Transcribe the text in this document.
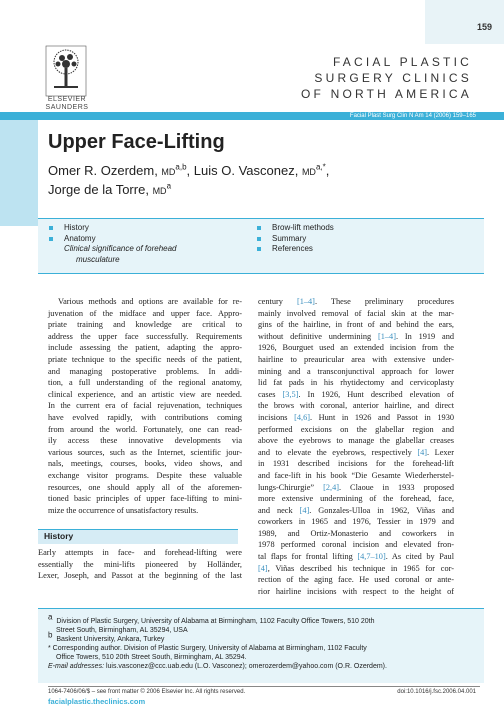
159
ELSEVIER
SAUNDERS
FACIAL PLASTIC
SURGERY CLINICS
OF NORTH AMERICA
Facial Plast Surg Clin N Am 14 (2006) 159–165
Upper Face-Lifting
Omer R. Ozerdem, MD$^{a,b}$, Luis O. Vasconez, $MD^{a,*}$,
Jorge de la Torre, $MD^a$
History
Anatomy
Clinical significance of forehead
musculature
Brow-lift methods
Summary
References
Various methods and options are available for re-
juvenation of the midface and upper face. Appro-
priate training and knowledge are critical to
address the upper face successfully. Requirements
include assessing the patient, adapting the appro-
priate technique to the specific needs of the patient,
and managing postoperative problems. In addi-
tion, a full understanding of the regional anatomy,
clinical experience, and an artistic view are needed.
In the current era of facial rejuvenation, techniques
have evolved rapidly, with contributions coming
from around the world. Fortunately, one can read-
ily access these innovative developments via
various sources, such as the Internet, scientific jour-
nals, meetings, courses, books, video shows, and
exchange visitor programs. Despite these valuable
resources, one should apply all of the aforemen-
tioned basic principles of upper face-lifting to mini-
mize the occurrence of unsatisfactory results.
History
Early attempts in face- and forehead-lifting were
essentially the mini-lifts pioneered by Holländer,
Lexer, Joseph, and Passot at the beginning of the last
century [1–4]. These preliminary procedures
mainly involved removal of facial skin at the mar-
gins of the hairline, in front of and behind the ears,
without definitive undermining [1–4]. In 1919 and
1926, Bourguet used an extended incision from the
hairline to preauricular area with extensive under-
mining and a transconjunctival approach for lower
lid fat pads in his rhytidectomy and cervicoplasty
cases [3,5]. In 1926, Hunt described elevation of
the brows with coronal, anterior hairline, and direct
incisions [4,6]. Hunt in 1926 and Passot in 1930
performed excisions on the glabellar region and
above the eyebrows to manage the glabellar creases
and to elevate the eyebrows, respectively [4]. Lexer
in 1931 described incisions for the forehead-lift
and face-lift in his book “Die Gesamte Wiederherstel-
lungs-Chirurgie” [2,4]. Claoue in 1933 proposed
more extensive undermining of the forehead, face,
and neck [4]. Gonzales-Ulloa in 1962, Viñas and
coworkers in 1965 and 1976, Tessier in 1979 and
1989, and Ortiz-Monasterio and coworkers in
1978 performed coronal incision and elevated fron-
tal flaps for frontal lifting [4,7–10]. As cited by Paul
[4], Viñas described his technique in 1965 for cor-
rection of the aging face. He used coronal or ante-
rior hairline incisions with respect to the height of
$^a$ Division of Plastic Surgery, University of Alabama at Birmingham, 1102 Faculty Office Towers, 510 20th
Street South, Birmingham, AL 35294, USA
$^b$ Baskent University, Ankara, Turkey
* Corresponding author. Division of Plastic Surgery, University of Alabama at Birmingham, 1102 Faculty
Office Towers, 510 20th Street South, Birmingham, AL 35294.
E-mail addresses: luis.vasconez@ccc.uab.edu (L.O. Vasconez); omerozerdem@yahoo.com (O.R. Ozerdem).
1064-7406/06/$ – see front matter © 2006 Elsevier Inc. All rights reserved.	doi:10.1016/j.fsc.2006.04.001
facialplastic.theclinics.com
